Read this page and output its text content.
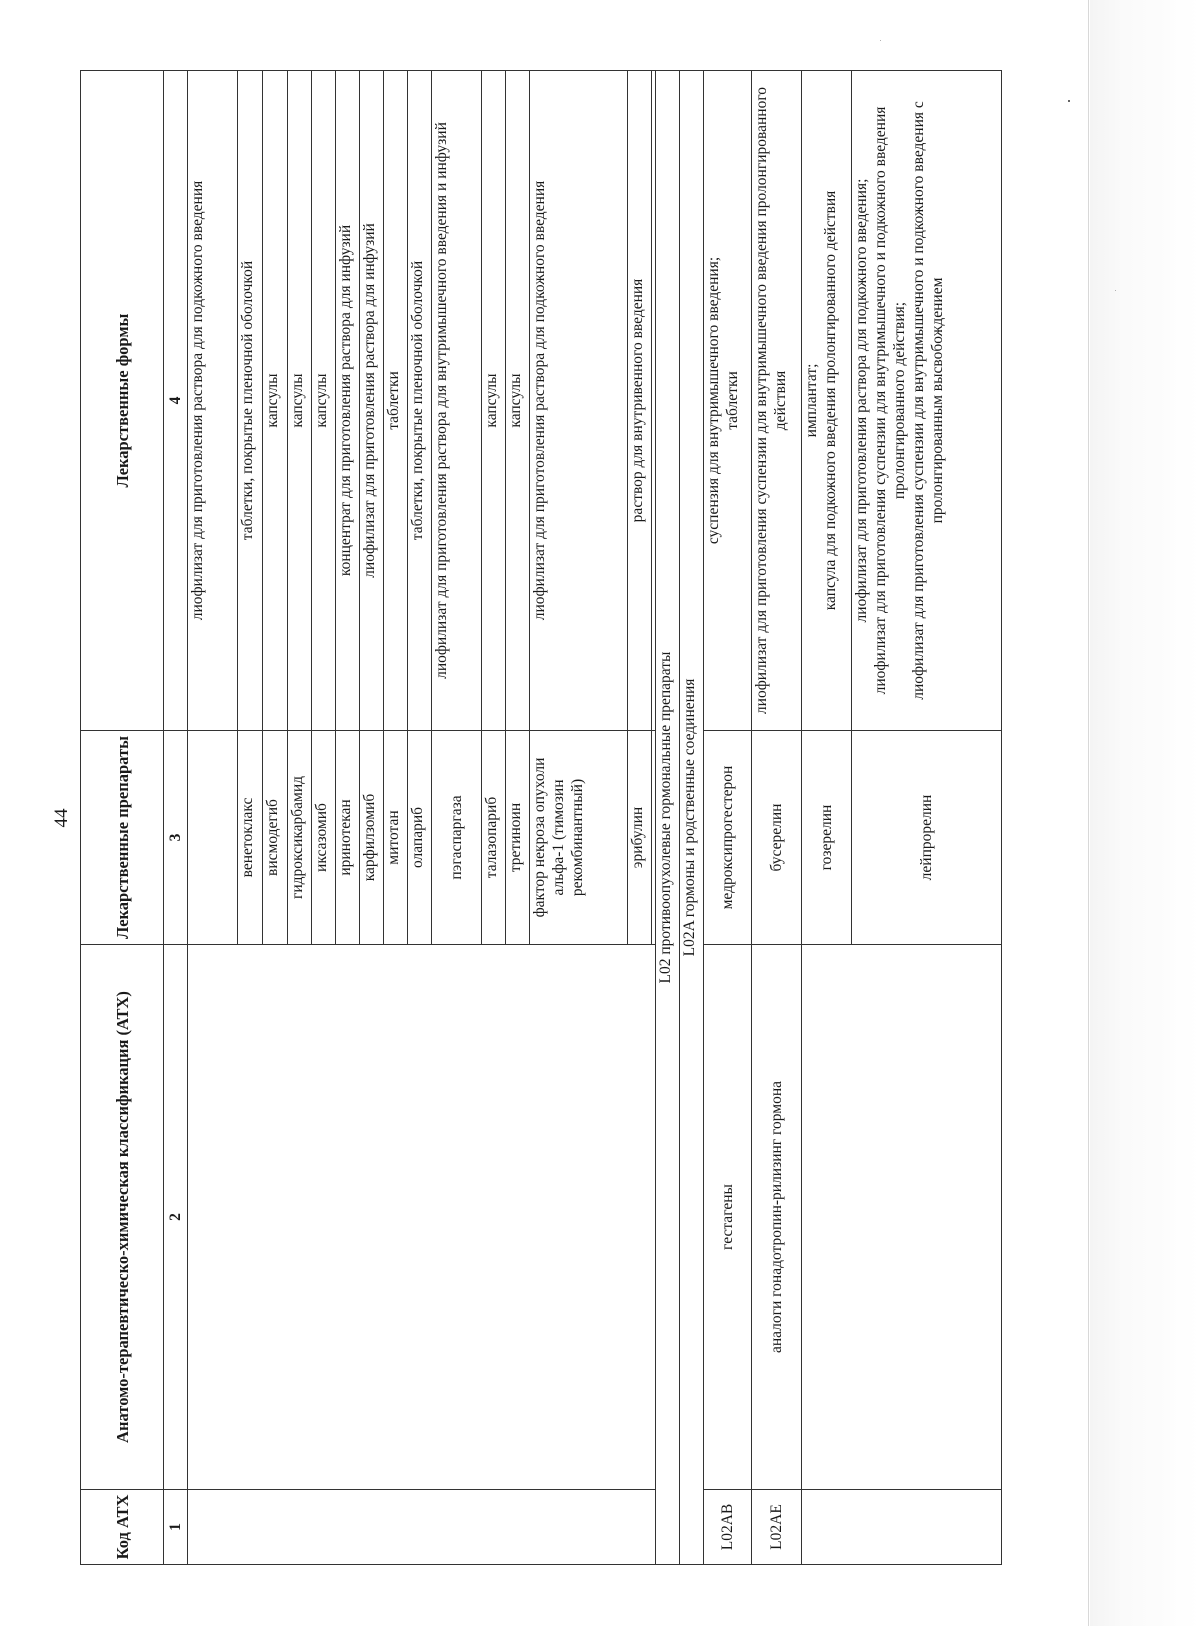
44
Код АТХ	Анатомо-терапевтическо-химическая классификация (АТХ)	Лекарственные препараты	Лекарственные формы
1	2	3	4
			лиофилизат для приготовления раствора для подкожного введения
		венетоклакс	таблетки, покрытые пленочной оболочкой
		висмодегиб	капсулы
		гидроксикарбамид	капсулы
		иксазомиб	капсулы
		иринотекан	концентрат для приготовления раствора для инфузий
		карфилзомиб	лиофилизат для приготовления раствора для инфузий
		митотан	таблетки
		олапариб	таблетки, покрытые пленочной оболочкой
		пэгаспаргаза	лиофилизат для приготовления раствора для внутримышечного введения и инфузий
		талазопариб	капсулы
		третиноин	капсулы
		фактор некроза опухоли альфа-1 (тимозин рекомбинантный)	лиофилизат для приготовления раствора для подкожного введения
		эрибулин	раствор для внутривенного введения

L02 противоопухолевые гормональные препараты			
L02A гормоны и родственные соединения			
L02AB	гестагены	медроксипрогестерон	суспензия для внутримышечного введения; таблетки

L02AE	аналоги гонадотропин-рилизинг гормона	бусерелин	лиофилизат для приготовления суспензии для внутримышечного введения пролонгированного действия
		гозерелин	имплантат; капсула для подкожного введения пролонгированного действия

		лейпрорелин	лиофилизат для приготовления раствора для подкожного введения; лиофилизат для приготовления суспензии для внутримышечного и подкожного введения пролонгированного действия; лиофилизат для приготовления суспензии для внутримышечного и подкожного введения с пролонгированным высвобождением
